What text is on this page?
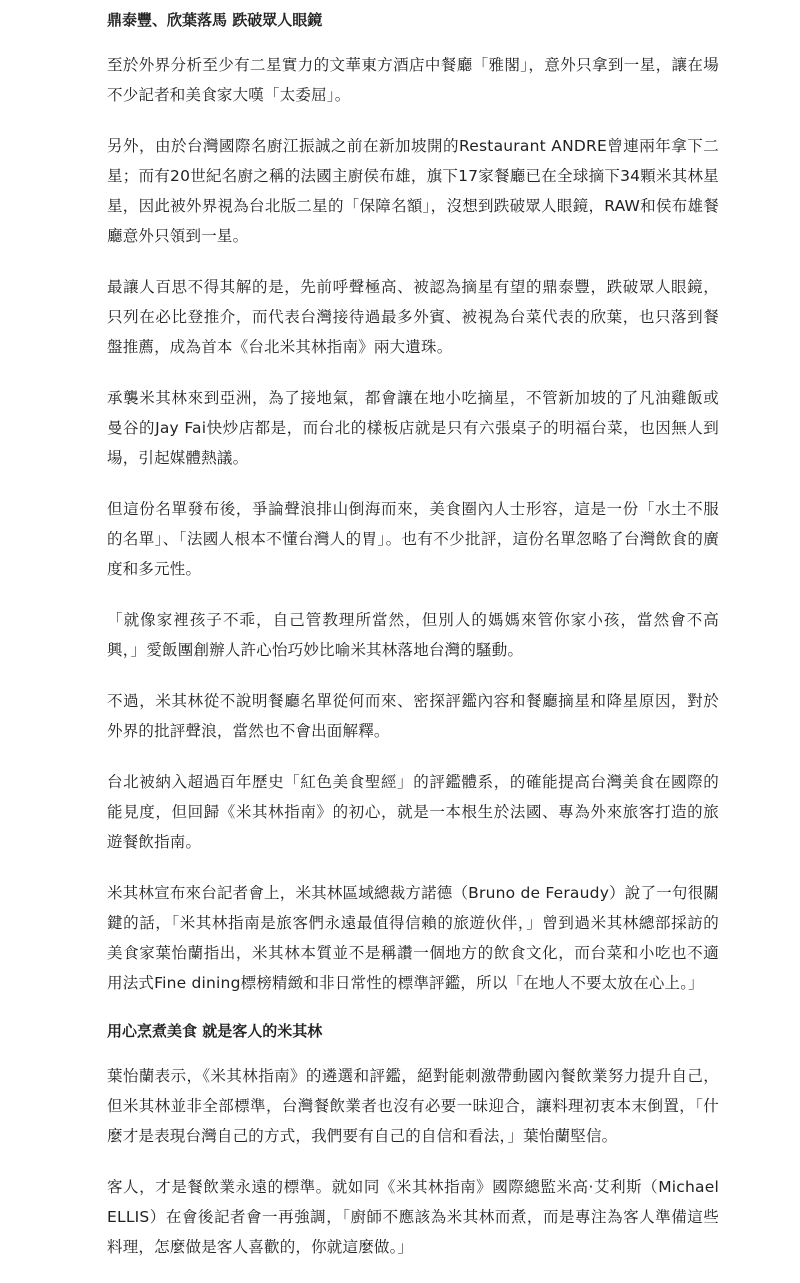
鼎泰豐、欣葉落馬 跌破眾人眼鏡

至於外界分析至少有二星實力的文華東方酒店中餐廳「雅閣」，意外只拿到一星，讓在場不少記者和美食家大嘆「太委屈」。

另外，由於台灣國際名廚江振誠之前在新加坡開的Restaurant ANDRE曾連兩年拿下二星；而有20世紀名廚之稱的法國主廚侯布雄，旗下17家餐廳已在全球摘下34顆米其林星星，因此被外界視為台北版二星的「保障名額」，沒想到跌破眾人眼鏡，RAW和侯布雄餐廳意外只領到一星。

最讓人百思不得其解的是，先前呼聲極高、被認為摘星有望的鼎泰豐，跌破眾人眼鏡，只列在必比登推介，而代表台灣接待過最多外賓、被視為台菜代表的欣葉，也只落到餐盤推薦，成為首本《台北米其林指南》兩大遺珠。

承襲米其林來到亞洲，為了接地氣，都會讓在地小吃摘星，不管新加坡的了凡油雞飯或曼谷的Jay Fai快炒店都是，而台北的樣板店就是只有六張桌子的明福台菜，也因無人到場，引起媒體熱議。

但這份名單發布後，爭論聲浪排山倒海而來，美食圈內人士形容，這是一份「水土不服的名單」、「法國人根本不懂台灣人的胃」。也有不少批評，這份名單忽略了台灣飲食的廣度和多元性。

「就像家裡孩子不乖，自己管教理所當然，但別人的媽媽來管你家小孩，當然會不高興，」愛飯團創辦人許心怡巧妙比喻米其林落地台灣的騷動。

不過，米其林從不說明餐廳名單從何而來、密探評鑑內容和餐廳摘星和降星原因，對於外界的批評聲浪，當然也不會出面解釋。

台北被納入超過百年歷史「紅色美食聖經」的評鑑體系，的確能提高台灣美食在國際的能見度，但回歸《米其林指南》的初心，就是一本根生於法國、專為外來旅客打造的旅遊餐飲指南。

米其林宣布來台記者會上，米其林區域總裁方諾德（Bruno de Feraudy）說了一句很關鍵的話，「米其林指南是旅客們永遠最值得信賴的旅遊伙伴，」曾到過米其林總部採訪的美食家葉怡蘭指出，米其林本質並不是稱讚一個地方的飲食文化，而台菜和小吃也不適用法式Fine dining標榜精緻和非日常性的標準評鑑，所以「在地人不要太放在心上。」

用心烹煮美食 就是客人的米其林

葉怡蘭表示，《米其林指南》的遴選和評鑑，絕對能刺激帶動國內餐飲業努力提升自己，但米其林並非全部標準，台灣餐飲業者也沒有必要一昧迎合，讓料理初衷本末倒置，「什麼才是表現台灣自己的方式，我們要有自己的自信和看法，」葉怡蘭堅信。

客人，才是餐飲業永遠的標準。就如同《米其林指南》國際總監米高·艾利斯（Michael ELLIS）在會後記者會一再強調，「廚師不應該為米其林而煮，而是專注為客人準備這些料理，怎麼做是客人喜歡的，你就這麼做。」
